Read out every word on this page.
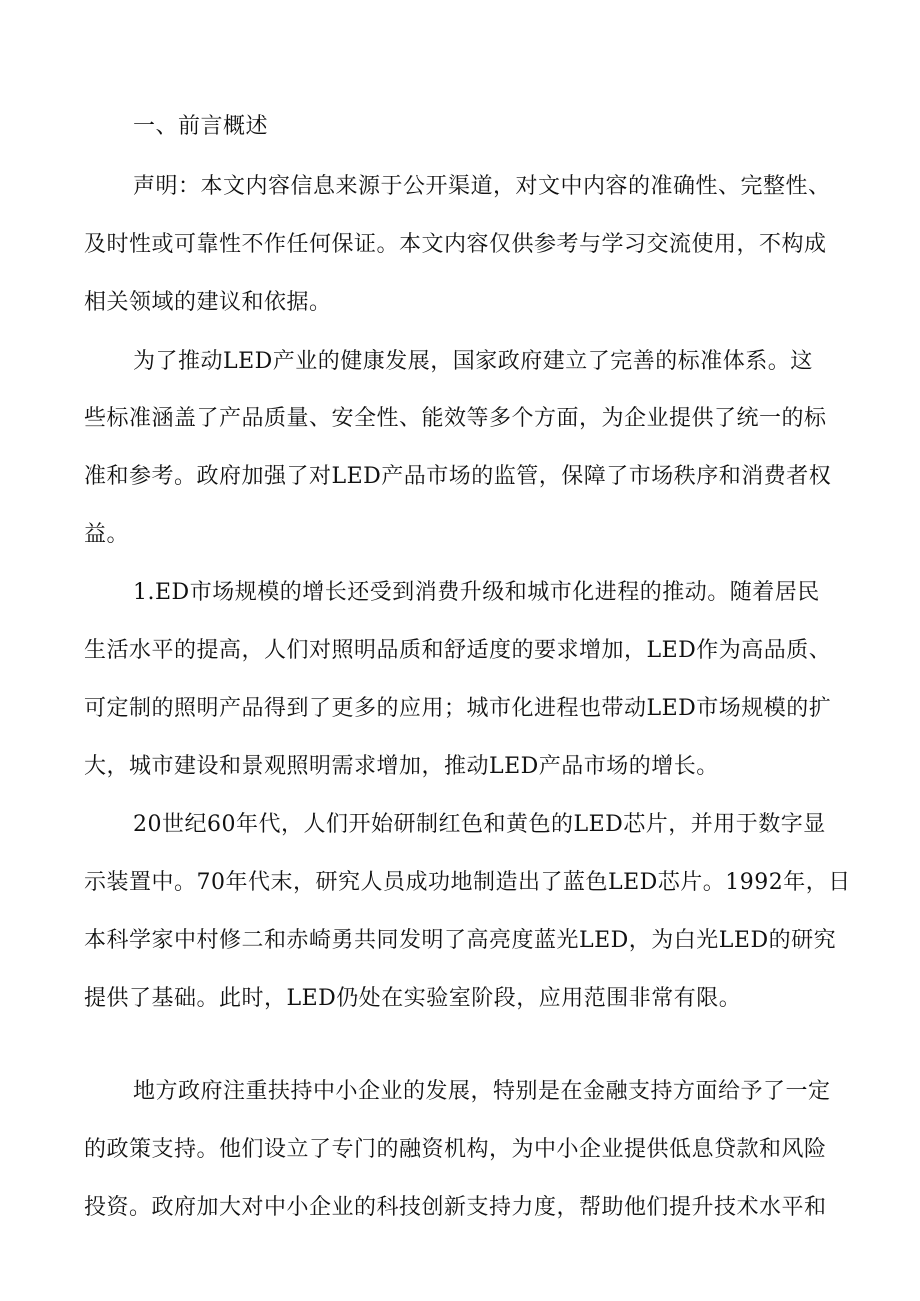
一、前言概述

声明：本文内容信息来源于公开渠道，对文中内容的准确性、完整性、

及时性或可靠性不作任何保证。本文内容仅供参考与学习交流使用，不构成

相关领域的建议和依据。

为了推动LED产业的健康发展，国家政府建立了完善的标准体系。这

些标准涵盖了产品质量、安全性、能效等多个方面，为企业提供了统一的标

准和参考。政府加强了对LED产品市场的监管，保障了市场秩序和消费者权

益。

1.ED市场规模的增长还受到消费升级和城市化进程的推动。随着居民

生活水平的提高，人们对照明品质和舒适度的要求增加，LED作为高品质、

可定制的照明产品得到了更多的应用；城市化进程也带动LED市场规模的扩

大，城市建设和景观照明需求增加，推动LED产品市场的增长。

20世纪60年代，人们开始研制红色和黄色的LED芯片，并用于数字显

示装置中。70年代末，研究人员成功地制造出了蓝色LED芯片。1992年，日

本科学家中村修二和赤崎勇共同发明了高亮度蓝光LED，为白光LED的研究

提供了基础。此时，LED仍处在实验室阶段，应用范围非常有限。

地方政府注重扶持中小企业的发展，特别是在金融支持方面给予了一定

的政策支持。他们设立了专门的融资机构，为中小企业提供低息贷款和风险

投资。政府加大对中小企业的科技创新支持力度，帮助他们提升技术水平和
